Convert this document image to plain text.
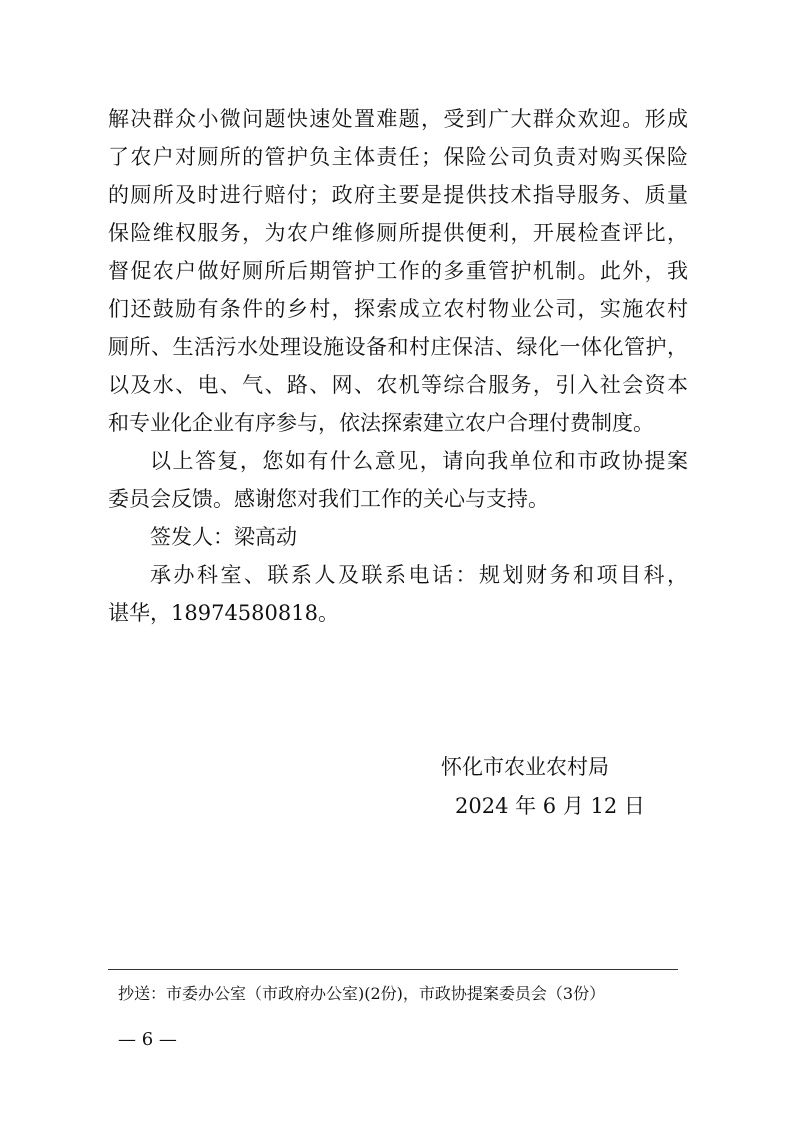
解决群众小微问题快速处置难题，受到广大群众欢迎。形成
了农户对厕所的管护负主体责任；保险公司负责对购买保险
的厕所及时进行赔付；政府主要是提供技术指导服务、质量
保险维权服务，为农户维修厕所提供便利，开展检查评比，
督促农户做好厕所后期管护工作的多重管护机制。此外，我
们还鼓励有条件的乡村，探索成立农村物业公司，实施农村
厕所、生活污水处理设施设备和村庄保洁、绿化一体化管护，
以及水、电、气、路、网、农机等综合服务，引入社会资本
和专业化企业有序参与，依法探索建立农户合理付费制度。
以上答复，您如有什么意见，请向我单位和市政协提案
委员会反馈。感谢您对我们工作的关心与支持。
签发人：梁高动
承办科室、联系人及联系电话：规划财务和项目科，
谌华，18974580818。
怀化市农业农村局
2024 年 6 月 12 日
抄送：市委办公室（市政府办公室)(2份)，市政协提案委员会（3份）
— 6 —
